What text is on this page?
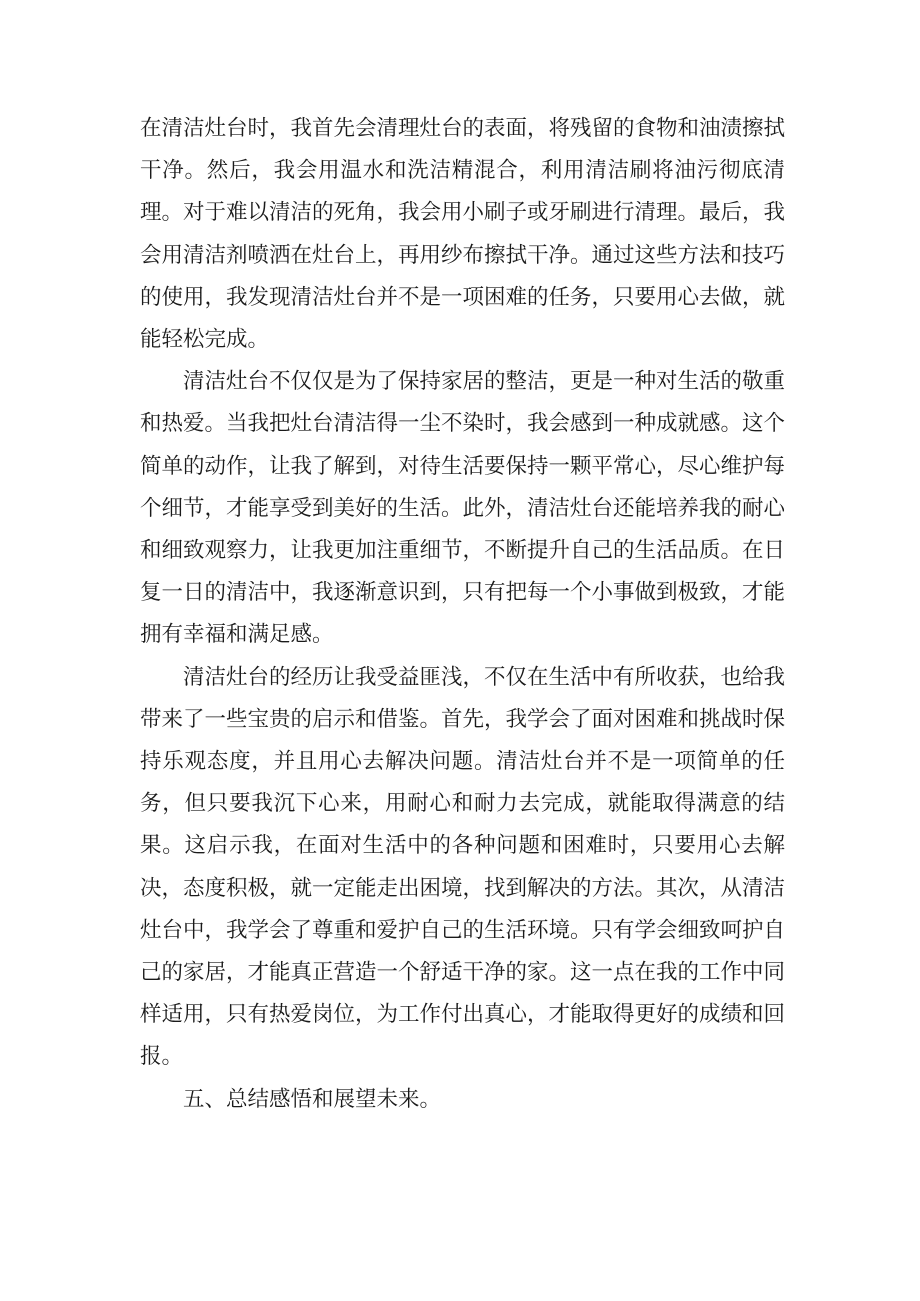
在清洁灶台时，我首先会清理灶台的表面，将残留的食物和油渍擦拭干净。然后，我会用温水和洗洁精混合，利用清洁刷将油污彻底清理。对于难以清洁的死角，我会用小刷子或牙刷进行清理。最后，我会用清洁剂喷洒在灶台上，再用纱布擦拭干净。通过这些方法和技巧的使用，我发现清洁灶台并不是一项困难的任务，只要用心去做，就能轻松完成。

清洁灶台不仅仅是为了保持家居的整洁，更是一种对生活的敬重和热爱。当我把灶台清洁得一尘不染时，我会感到一种成就感。这个简单的动作，让我了解到，对待生活要保持一颗平常心，尽心维护每个细节，才能享受到美好的生活。此外，清洁灶台还能培养我的耐心和细致观察力，让我更加注重细节，不断提升自己的生活品质。在日复一日的清洁中，我逐渐意识到，只有把每一个小事做到极致，才能拥有幸福和满足感。

清洁灶台的经历让我受益匪浅，不仅在生活中有所收获，也给我带来了一些宝贵的启示和借鉴。首先，我学会了面对困难和挑战时保持乐观态度，并且用心去解决问题。清洁灶台并不是一项简单的任务，但只要我沉下心来，用耐心和耐力去完成，就能取得满意的结果。这启示我，在面对生活中的各种问题和困难时，只要用心去解决，态度积极，就一定能走出困境，找到解决的方法。其次，从清洁灶台中，我学会了尊重和爱护自己的生活环境。只有学会细致呵护自己的家居，才能真正营造一个舒适干净的家。这一点在我的工作中同样适用，只有热爱岗位，为工作付出真心，才能取得更好的成绩和回报。

五、总结感悟和展望未来。
